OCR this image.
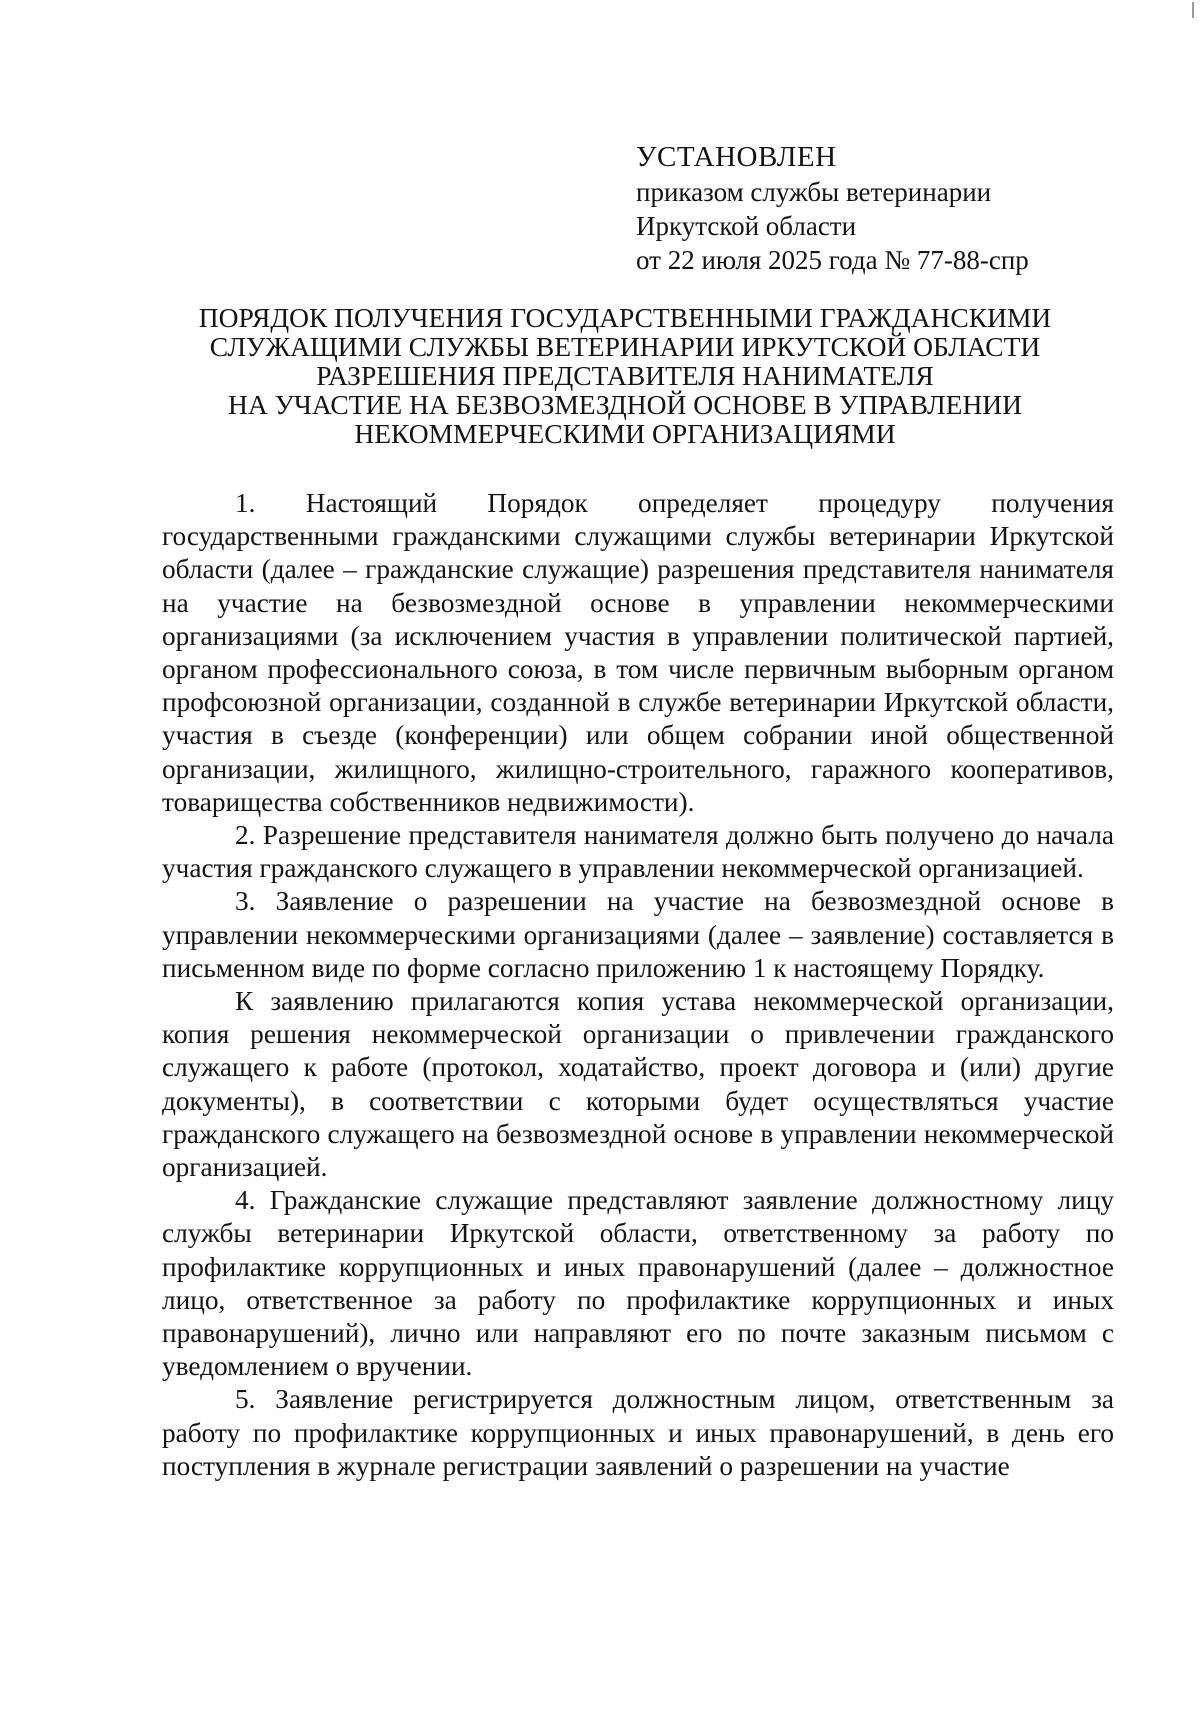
УСТАНОВЛЕН
приказом службы ветеринарии
Иркутской области
от 22 июля 2025 года № 77-88-спр
ПОРЯДОК ПОЛУЧЕНИЯ ГОСУДАРСТВЕННЫМИ ГРАЖДАНСКИМИ
СЛУЖАЩИМИ СЛУЖБЫ ВЕТЕРИНАРИИ ИРКУТСКОЙ ОБЛАСТИ
РАЗРЕШЕНИЯ ПРЕДСТАВИТЕЛЯ НАНИМАТЕЛЯ
НА УЧАСТИЕ НА БЕЗВОЗМЕЗДНОЙ ОСНОВЕ В УПРАВЛЕНИИ
НЕКОММЕРЧЕСКИМИ ОРГАНИЗАЦИЯМИ

1. Настоящий Порядок определяет процедуру получения государственными гражданскими служащими службы ветеринарии Иркутской области (далее – гражданские служащие) разрешения представителя нанимателя на участие на безвозмездной основе в управлении некоммерческими организациями (за исключением участия в управлении политической партией, органом профессионального союза, в том числе первичным выборным органом профсоюзной организации, созданной в службе ветеринарии Иркутской области, участия в съезде (конференции) или общем собрании иной общественной организации, жилищного, жилищно-строительного, гаражного кооперативов, товарищества собственников недвижимости).

2. Разрешение представителя нанимателя должно быть получено до начала участия гражданского служащего в управлении некоммерческой организацией.

3. Заявление о разрешении на участие на безвозмездной основе в управлении некоммерческими организациями (далее – заявление) составляется в письменном виде по форме согласно приложению 1 к настоящему Порядку.

К заявлению прилагаются копия устава некоммерческой организации, копия решения некоммерческой организации о привлечении гражданского служащего к работе (протокол, ходатайство, проект договора и (или) другие документы), в соответствии с которыми будет осуществляться участие гражданского служащего на безвозмездной основе в управлении некоммерческой организацией.

4. Гражданские служащие представляют заявление должностному лицу службы ветеринарии Иркутской области, ответственному за работу по профилактике коррупционных и иных правонарушений (далее – должностное лицо, ответственное за работу по профилактике коррупционных и иных правонарушений), лично или направляют его по почте заказным письмом с уведомлением о вручении.

5. Заявление регистрируется должностным лицом, ответственным за работу по профилактике коррупционных и иных правонарушений, в день его поступления в журнале регистрации заявлений о разрешении на участие
